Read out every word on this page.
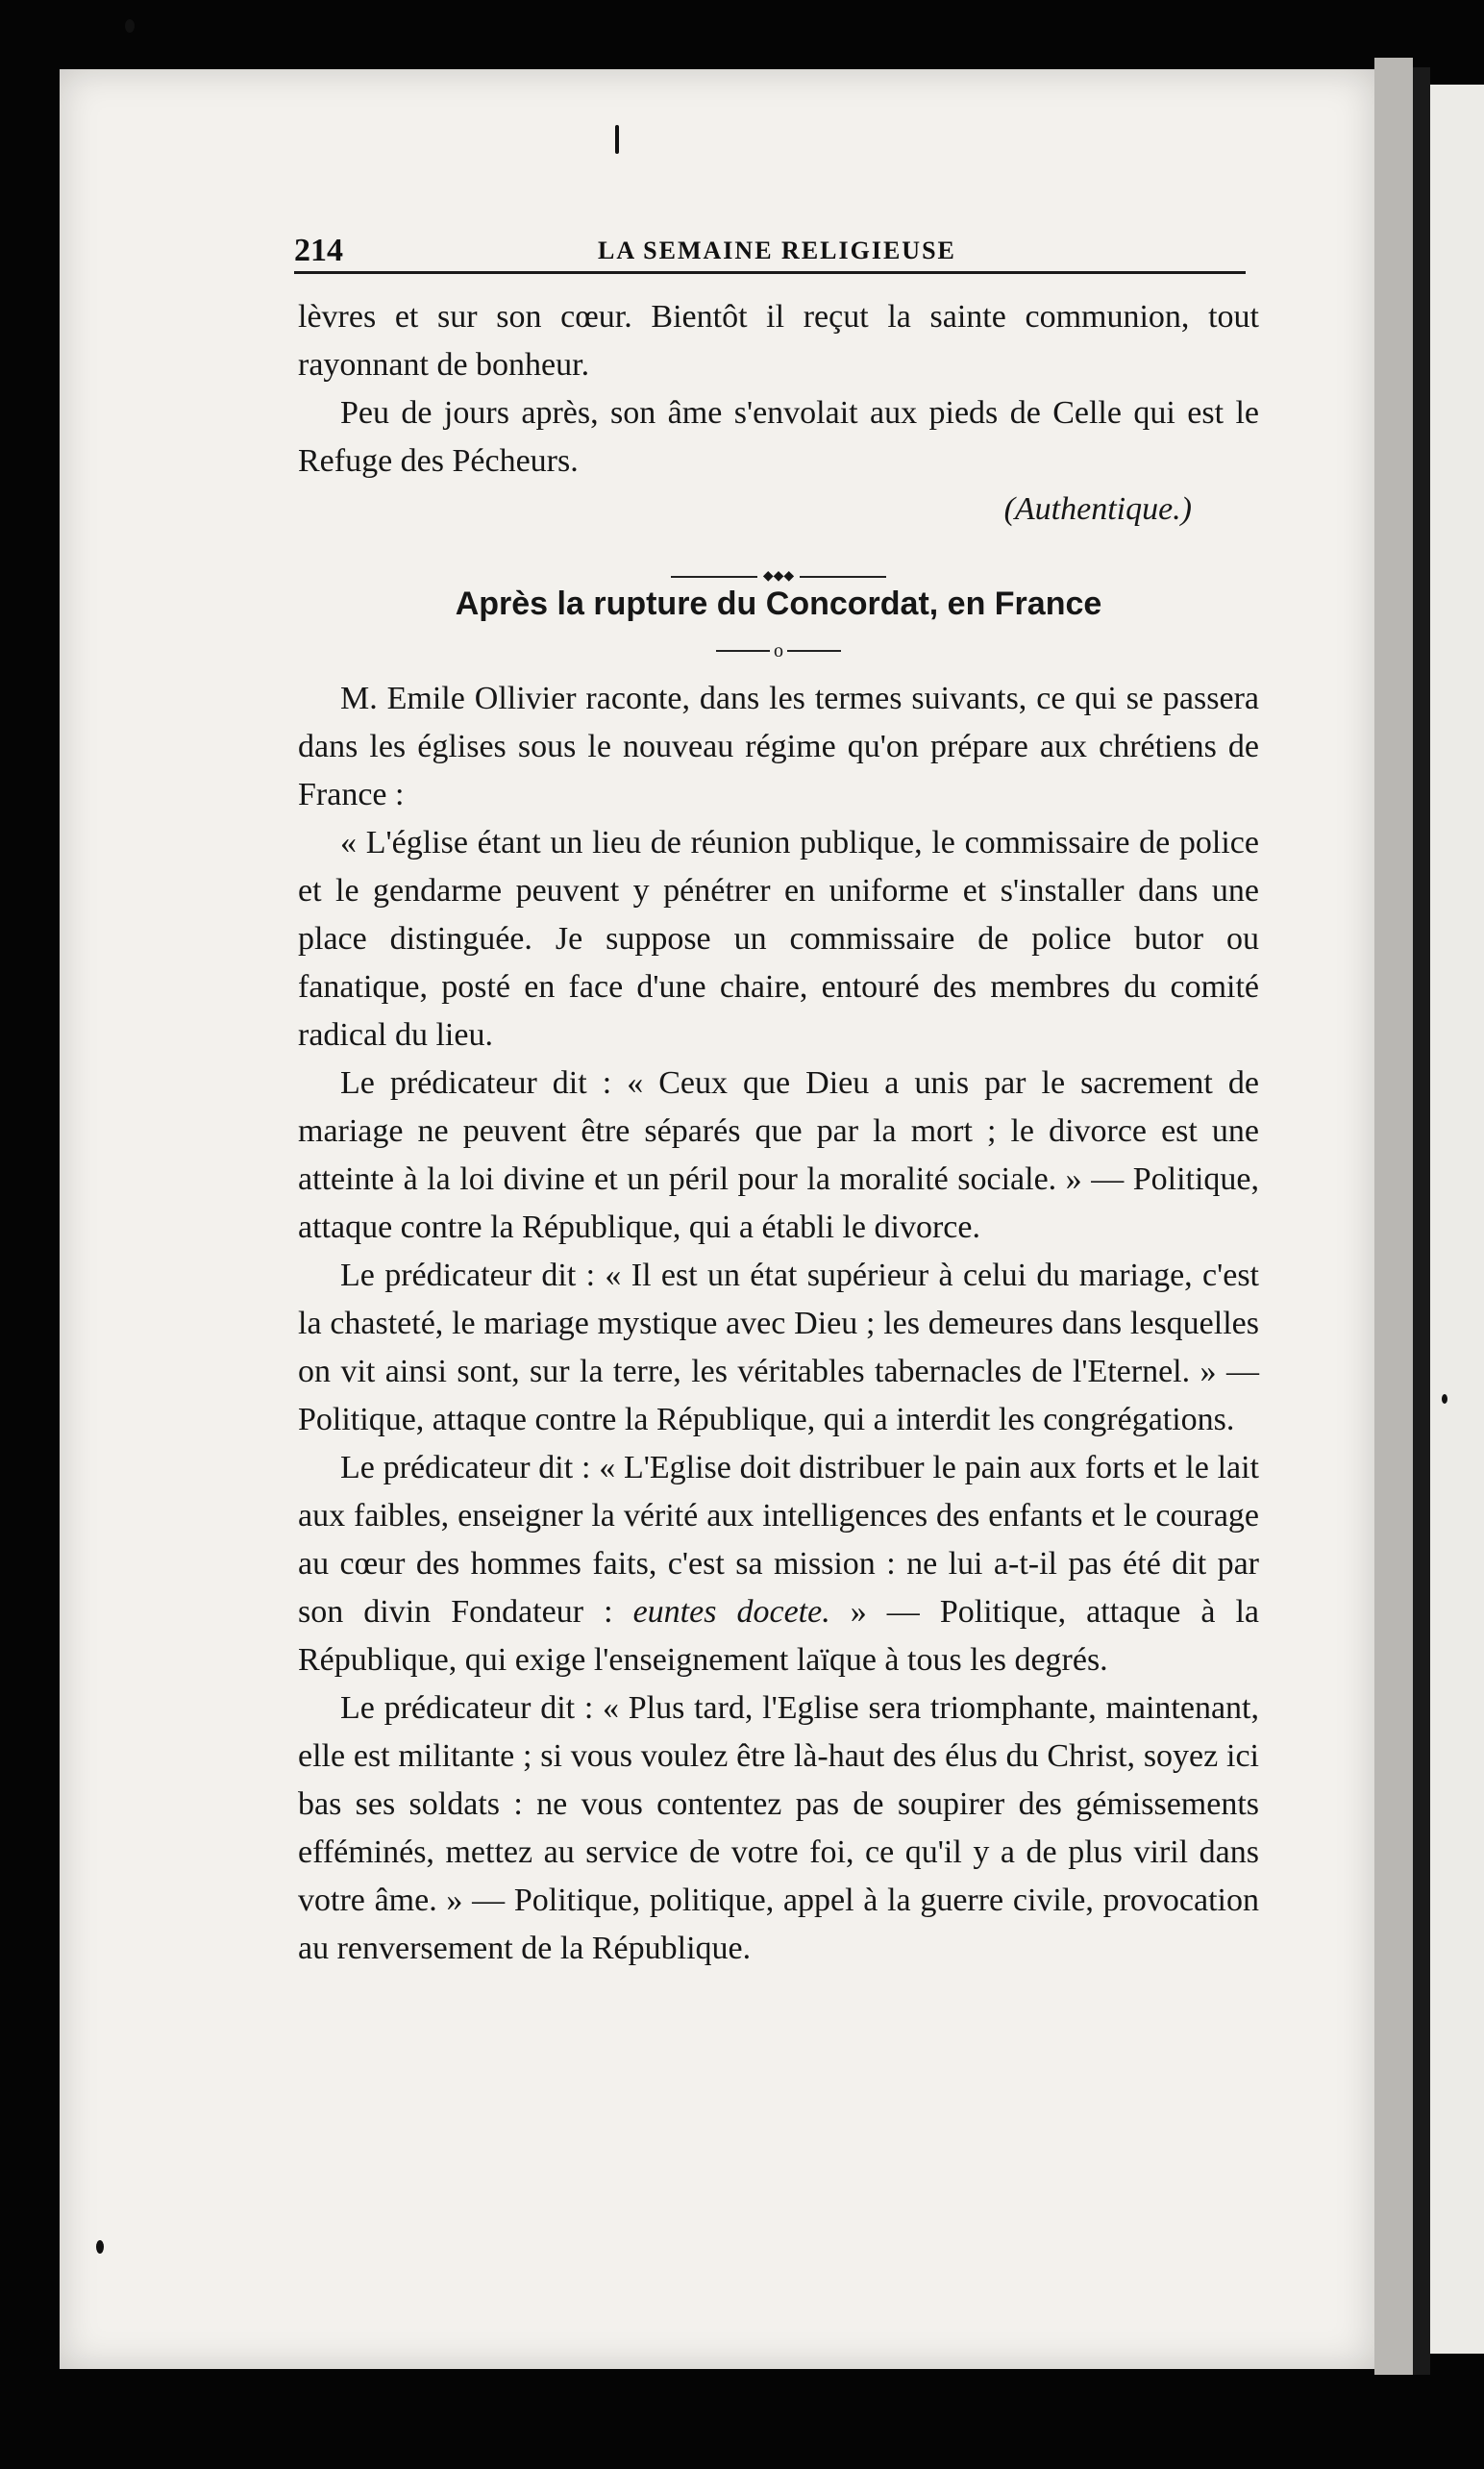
214	LA SEMAINE RELIGIEUSE

lèvres et sur son cœur. Bientôt il reçut la sainte communion, tout rayonnant de bonheur.

Peu de jours après, son âme s'envolait aux pieds de Celle qui est le Refuge des Pécheurs.

(Authentique.)

◆◆◆
Après la rupture du Concordat, en France
o

M. Emile Ollivier raconte, dans les termes suivants, ce qui se passera dans les églises sous le nouveau régime qu'on prépare aux chrétiens de France :

« L'église étant un lieu de réunion publique, le commissaire de police et le gendarme peuvent y pénétrer en uniforme et s'installer dans une place distinguée. Je suppose un commissaire de police butor ou fanatique, posté en face d'une chaire, entouré des membres du comité radical du lieu.

Le prédicateur dit : « Ceux que Dieu a unis par le sacrement de mariage ne peuvent être séparés que par la mort ; le divorce est une atteinte à la loi divine et un péril pour la moralité sociale. » — Politique, attaque contre la République, qui a établi le divorce.

Le prédicateur dit : « Il est un état supérieur à celui du mariage, c'est la chasteté, le mariage mystique avec Dieu ; les demeures dans lesquelles on vit ainsi sont, sur la terre, les véritables tabernacles de l'Eternel. » — Politique, attaque contre la République, qui a interdit les congrégations.

Le prédicateur dit : « L'Eglise doit distribuer le pain aux forts et le lait aux faibles, enseigner la vérité aux intelligences des enfants et le courage au cœur des hommes faits, c'est sa mission : ne lui a-t-il pas été dit par son divin Fondateur : euntes docete. » — Politique, attaque à la République, qui exige l'enseignement laïque à tous les degrés.

Le prédicateur dit : « Plus tard, l'Eglise sera triomphante, maintenant, elle est militante ; si vous voulez être là-haut des élus du Christ, soyez ici bas ses soldats : ne vous contentez pas de soupirer des gémissements efféminés, mettez au service de votre foi, ce qu'il y a de plus viril dans votre âme. » — Politique, politique, appel à la guerre civile, provocation au renversement de la République.
